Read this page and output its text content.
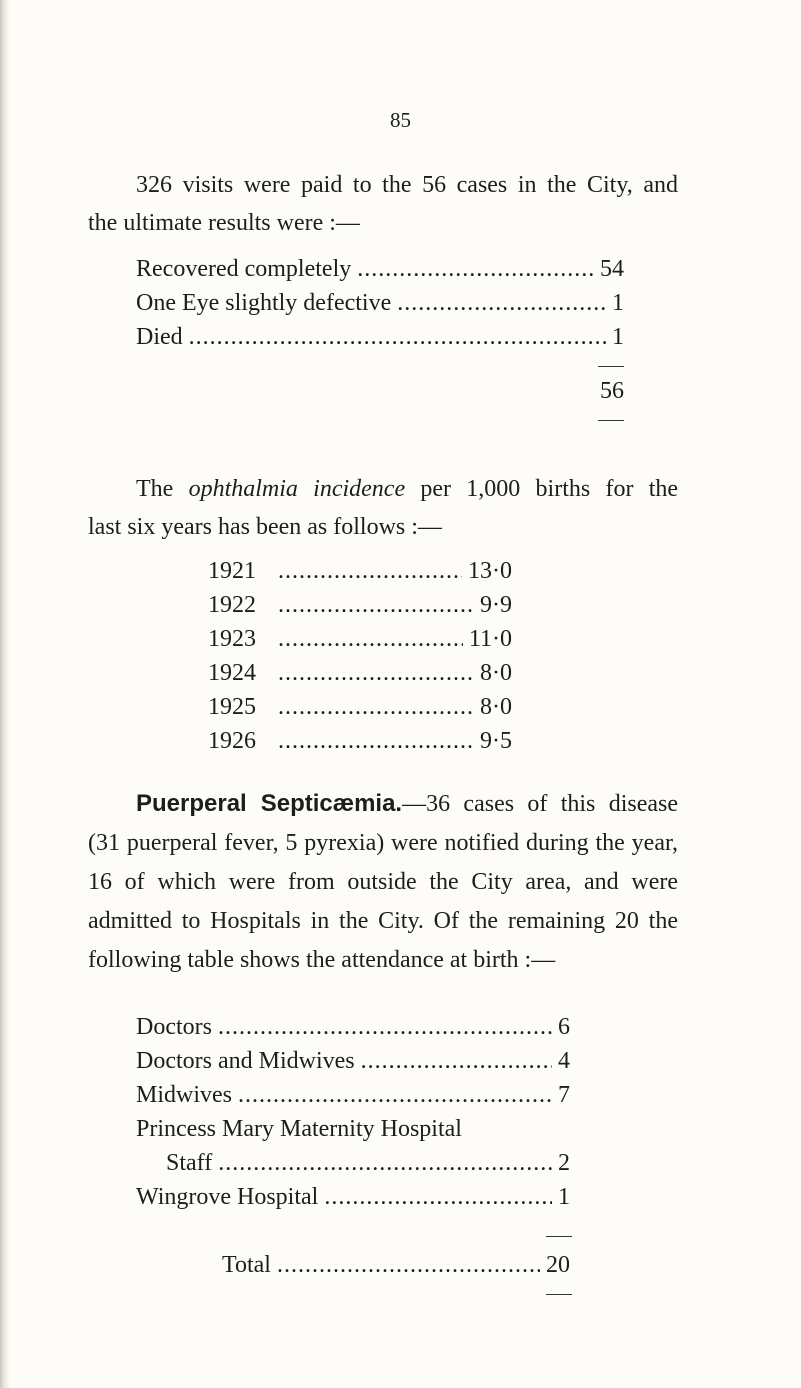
85
326 visits were paid to the 56 cases in the City, and
the ultimate results were :—
Recovered completely .....	54
One Eye slightly defective .....	1
Died .....	1
56
The ophthalmia incidence per 1,000 births for the
last six years has been as follows :—
1921 .....	13·0
1922 .....	9·9
1923 .....	11·0
1924 .....	8·0
1925 .....	8·0
1926 .....	9·5
Puerperal Septicæmia.—36 cases of this disease (31 puerperal fever, 5 pyrexia) were notified during the year, 16 of which were from outside the City area, and were admitted to Hospitals in the City. Of the remaining 20 the following table shows the attendance at birth :—
Doctors .....	6
Doctors and Midwives .....	4
Midwives .....	7
Princess Mary Maternity Hospital
Staff .....	2
Wingrove Hospital .....	1
Total .....	20
